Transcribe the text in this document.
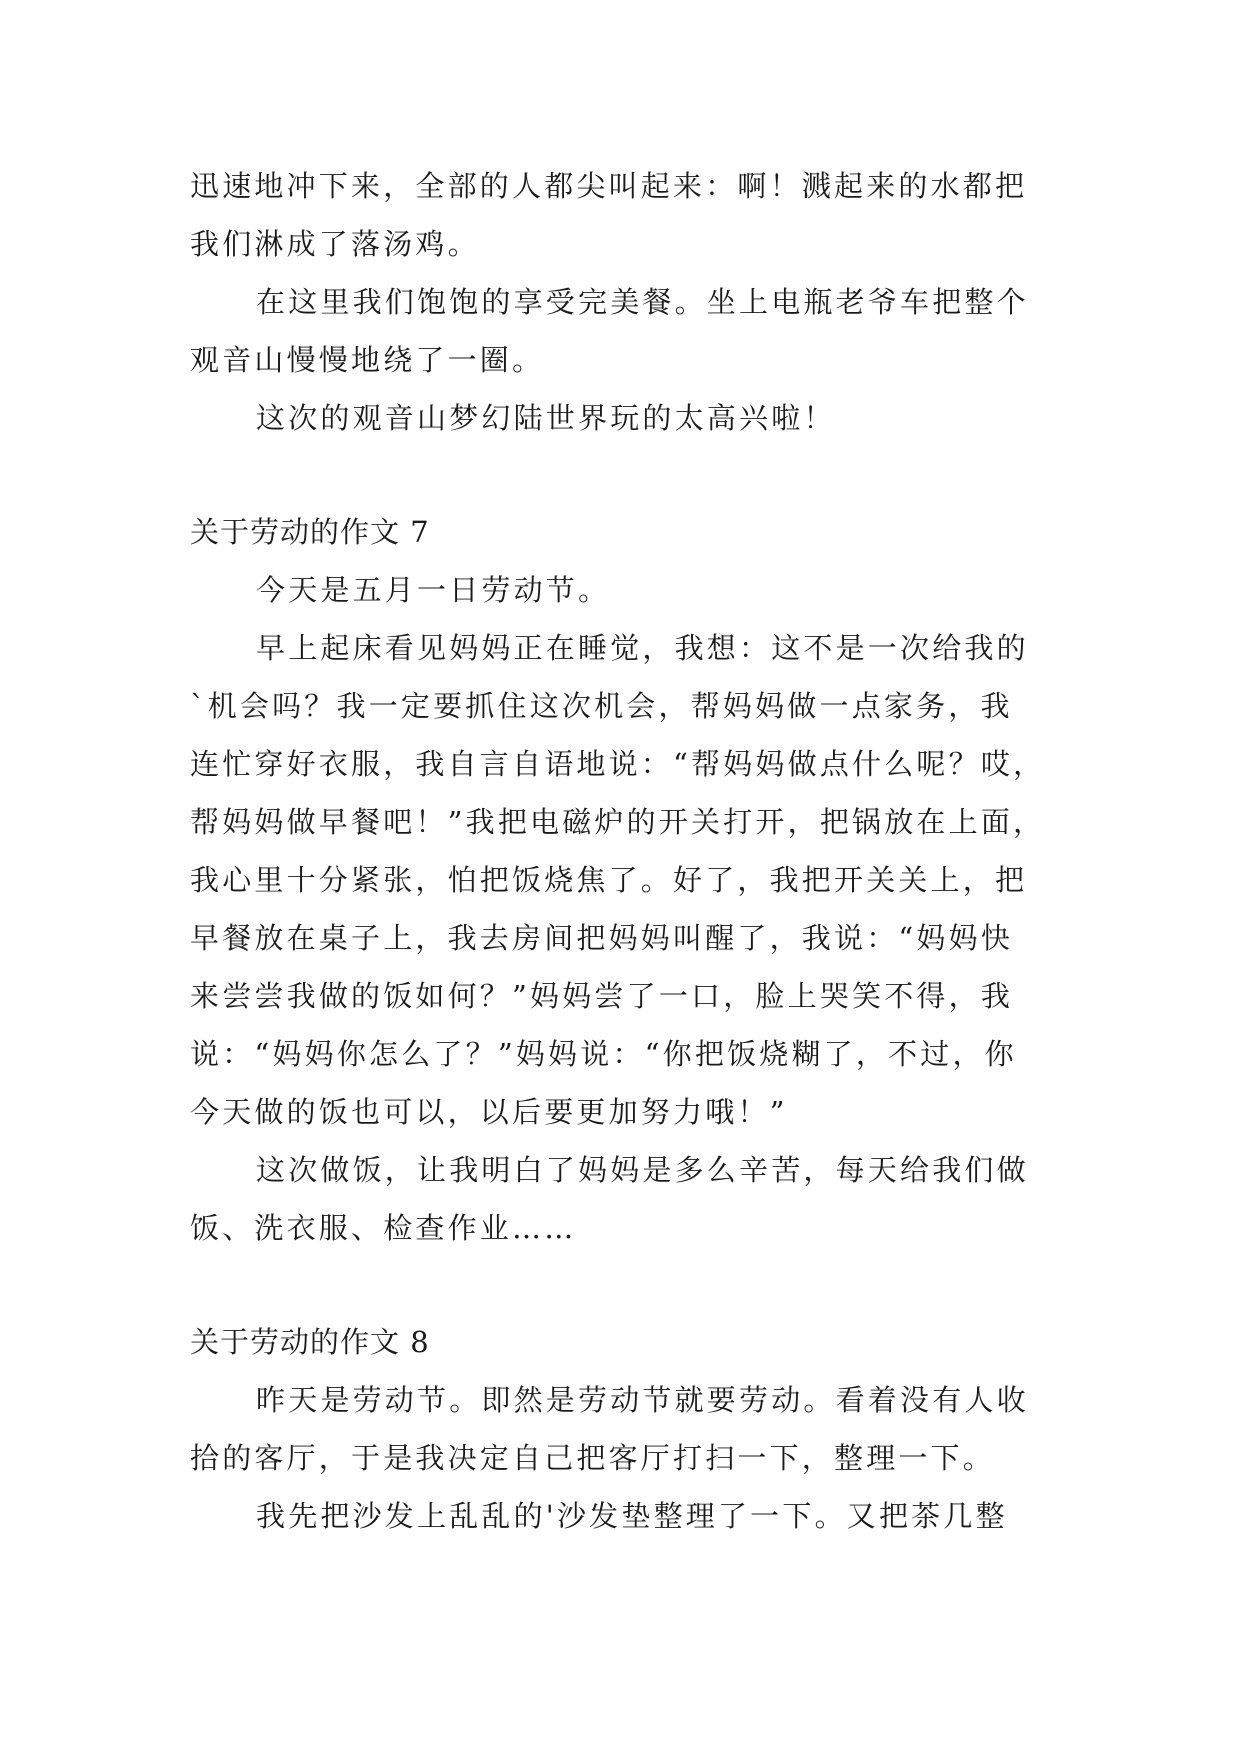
迅速地冲下来，全部的人都尖叫起来：啊！溅起来的水都把
我们淋成了落汤鸡。
在这里我们饱饱的享受完美餐。坐上电瓶老爷车把整个
观音山慢慢地绕了一圈。
这次的观音山梦幻陆世界玩的太高兴啦！
关于劳动的作文 7
今天是五月一日劳动节。
早上起床看见妈妈正在睡觉，我想：这不是一次给我的
`机会吗？我一定要抓住这次机会，帮妈妈做一点家务，我
连忙穿好衣服，我自言自语地说：“帮妈妈做点什么呢？哎，
帮妈妈做早餐吧！”我把电磁炉的开关打开，把锅放在上面，
我心里十分紧张，怕把饭烧焦了。好了，我把开关关上，把
早餐放在桌子上，我去房间把妈妈叫醒了，我说：“妈妈快
来尝尝我做的饭如何？”妈妈尝了一口，脸上哭笑不得，我
说：“妈妈你怎么了？”妈妈说：“你把饭烧糊了，不过，你
今天做的饭也可以，以后要更加努力哦！”
这次做饭，让我明白了妈妈是多么辛苦，每天给我们做
饭、洗衣服、检查作业……
关于劳动的作文 8
昨天是劳动节。即然是劳动节就要劳动。看着没有人收
拾的客厅，于是我决定自己把客厅打扫一下，整理一下。
我先把沙发上乱乱的'沙发垫整理了一下。又把茶几整
